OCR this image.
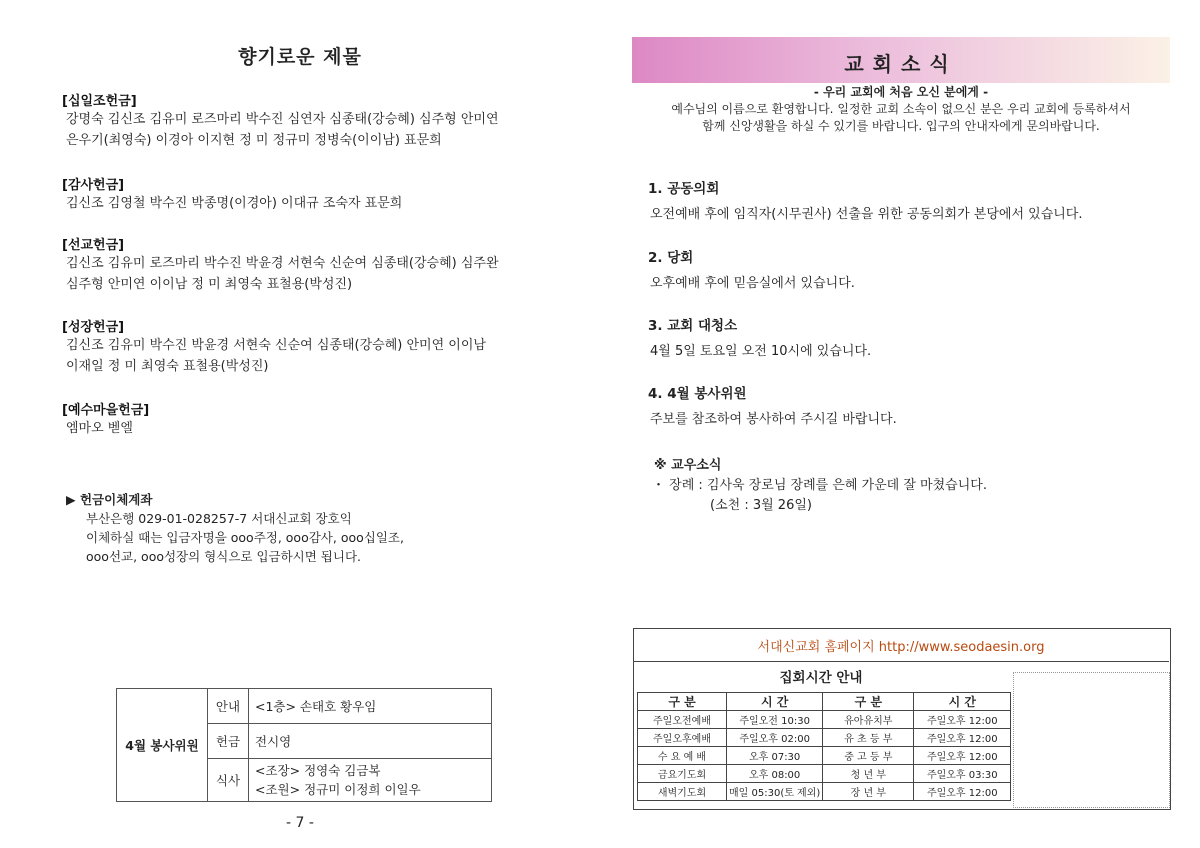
향기로운 제물
[십일조헌금]
강명숙 김신조 김유미 로즈마리 박수진 심연자 심종태(강승혜) 심주형 안미연
은우기(최영숙) 이경아 이지현 정 미 정규미 정병숙(이이남) 표문희
[감사헌금]
김신조 김영철 박수진 박종명(이경아) 이대규 조숙자 표문희
[선교헌금]
김신조 김유미 로즈마리 박수진 박윤경 서현숙 신순여 심종태(강승혜) 심주완
심주형 안미연 이이남 정 미 최영숙 표철용(박성진)
[성장헌금]
김신조 김유미 박수진 박윤경 서현숙 신순여 심종태(강승혜) 안미연 이이남
이재일 정 미 최영숙 표철용(박성진)
[예수마을헌금]
엠마오 벧엘
▶ 헌금이체계좌
부산은행 029-01-028257-7 서대신교회 장호익
이체하실 때는 입금자명을 ooo주정, ooo감사, ooo십일조,
ooo선교, ooo성장의 형식으로 입금하시면 됩니다.
4월 봉사위원	안내	<1층> 손태호 황우임

	헌금	전시영

	식사	<조장> 정영숙 김금복
<조원> 정규미 이정희 이일우
- 7 -
교회소식
- 우리 교회에 처음 오신 분에게 -
예수님의 이름으로 환영합니다. 일정한 교회 소속이 없으신 분은 우리 교회에 등록하셔서
함께 신앙생활을 하실 수 있기를 바랍니다. 입구의 안내자에게 문의바랍니다.
1. 공동의회
오전예배 후에 임직자(시무권사) 선출을 위한 공동의회가 본당에서 있습니다.
2. 당회
오후예배 후에 믿음실에서 있습니다.
3. 교회 대청소
4월 5일 토요일 오전 10시에 있습니다.
4. 4월 봉사위원
주보를 참조하여 봉사하여 주시길 바랍니다.
※ 교우소식
・ 장례 : 김사욱 장로님 장례를 은혜 가운데 잘 마쳤습니다.
(소천 : 3월 26일)
서대신교회 홈페이지 http://www.seodaesin.org
집회시간 안내
구 분	시 간	구 분	시 간
주일오전예배	주일오전 10:30	유아유치부	주일오후 12:00
주일오후예배	주일오후 02:00	유 초 등 부	주일오후 12:00
수 요 예 배	오후 07:30	중 고 등 부	주일오후 12:00
금요기도회	오후 08:00	청 년 부	주일오후 03:30
새벽기도회	매일 05:30(토 제외)	장 년 부	주일오후 12:00
